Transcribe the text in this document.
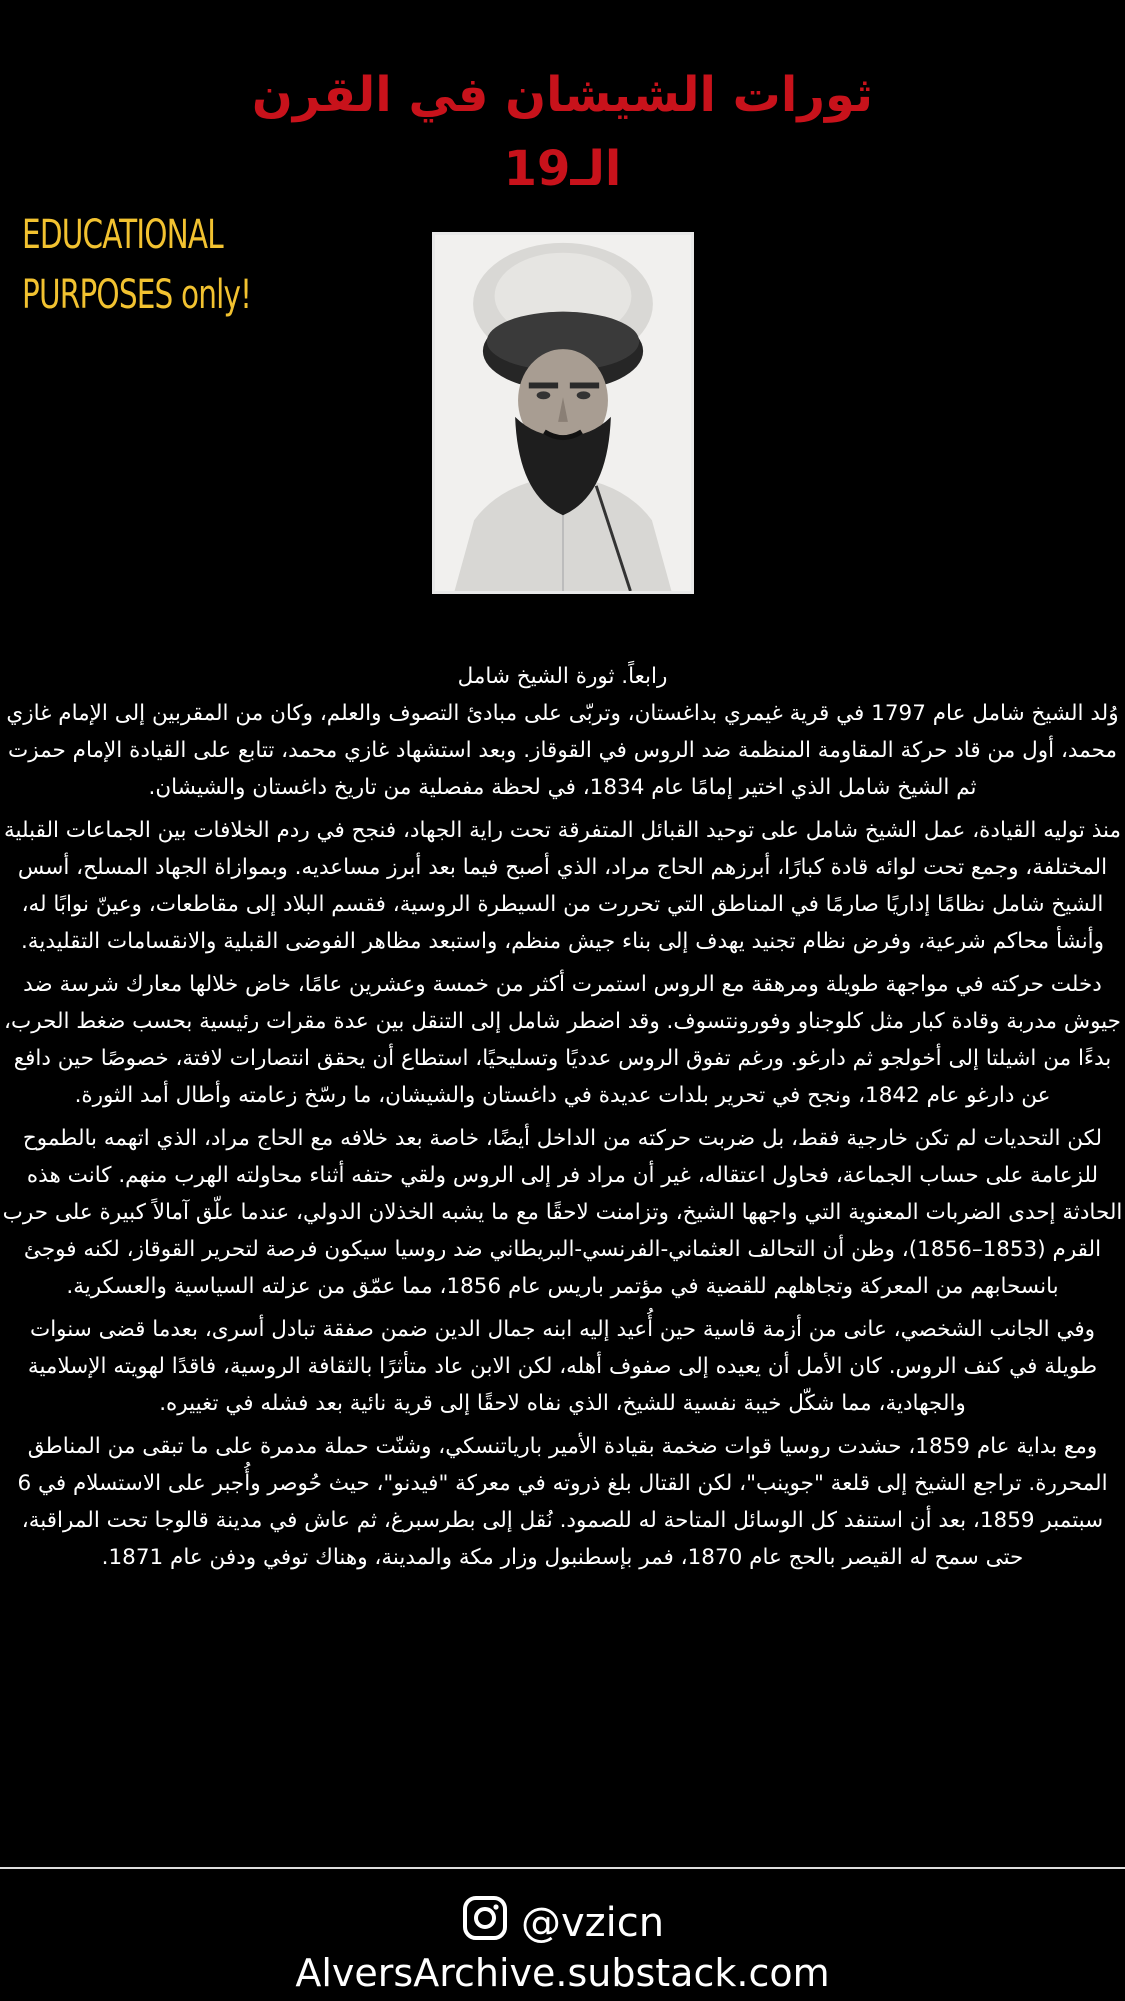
ثورات الشيشان في القرن
الـ19
EDUCATIONAL
PURPOSES only!

رابعاً. ثورة الشيخ شامل

وُلد الشيخ شامل عام 1797 في قرية غيمري بداغستان، وتربّى على مبادئ التصوف والعلم، وكان من المقربين إلى الإمام غازي محمد، أول من قاد حركة المقاومة المنظمة ضد الروس في القوقاز. وبعد استشهاد غازي محمد، تتابع على القيادة الإمام حمزت ثم الشيخ شامل الذي اختير إمامًا عام 1834، في لحظة مفصلية من تاريخ داغستان والشيشان.

منذ توليه القيادة، عمل الشيخ شامل على توحيد القبائل المتفرقة تحت راية الجهاد، فنجح في ردم الخلافات بين الجماعات القبلية المختلفة، وجمع تحت لوائه قادة كبارًا، أبرزهم الحاج مراد، الذي أصبح فيما بعد أبرز مساعديه. وبموازاة الجهاد المسلح، أسس الشيخ شامل نظامًا إداريًا صارمًا في المناطق التي تحررت من السيطرة الروسية، فقسم البلاد إلى مقاطعات، وعينّ نوابًا له، وأنشأ محاكم شرعية، وفرض نظام تجنيد يهدف إلى بناء جيش منظم، واستبعد مظاهر الفوضى القبلية والانقسامات التقليدية.

دخلت حركته في مواجهة طويلة ومرهقة مع الروس استمرت أكثر من خمسة وعشرين عامًا، خاض خلالها معارك شرسة ضد جيوش مدربة وقادة كبار مثل كلوجناو وفورونتسوف. وقد اضطر شامل إلى التنقل بين عدة مقرات رئيسية بحسب ضغط الحرب، بدءًا من اشيلتا إلى أخولجو ثم دارغو. ورغم تفوق الروس عدديًا وتسليحيًا، استطاع أن يحقق انتصارات لافتة، خصوصًا حين دافع عن دارغو عام 1842، ونجح في تحرير بلدات عديدة في داغستان والشيشان، ما رسّخ زعامته وأطال أمد الثورة.

لكن التحديات لم تكن خارجية فقط، بل ضربت حركته من الداخل أيضًا، خاصة بعد خلافه مع الحاج مراد، الذي اتهمه بالطموح للزعامة على حساب الجماعة، فحاول اعتقاله، غير أن مراد فر إلى الروس ولقي حتفه أثناء محاولته الهرب منهم. كانت هذه الحادثة إحدى الضربات المعنوية التي واجهها الشيخ، وتزامنت لاحقًا مع ما يشبه الخذلان الدولي، عندما علّق آمالاً كبيرة على حرب القرم (1853–1856)، وظن أن التحالف العثماني-الفرنسي-البريطاني ضد روسيا سيكون فرصة لتحرير القوقاز، لكنه فوجئ بانسحابهم من المعركة وتجاهلهم للقضية في مؤتمر باريس عام 1856، مما عمّق من عزلته السياسية والعسكرية.

وفي الجانب الشخصي، عانى من أزمة قاسية حين أُعيد إليه ابنه جمال الدين ضمن صفقة تبادل أسرى، بعدما قضى سنوات طويلة في كنف الروس. كان الأمل أن يعيده إلى صفوف أهله، لكن الابن عاد متأثرًا بالثقافة الروسية، فاقدًا لهويته الإسلامية والجهادية، مما شكّل خيبة نفسية للشيخ، الذي نفاه لاحقًا إلى قرية نائية بعد فشله في تغييره.

ومع بداية عام 1859، حشدت روسيا قوات ضخمة بقيادة الأمير بارياتنسكي، وشنّت حملة مدمرة على ما تبقى من المناطق المحررة. تراجع الشيخ إلى قلعة "جوينب"، لكن القتال بلغ ذروته في معركة "فيدنو"، حيث حُوصر وأُجبر على الاستسلام في 6 سبتمبر 1859، بعد أن استنفد كل الوسائل المتاحة له للصمود. نُقل إلى بطرسبرغ، ثم عاش في مدينة قالوجا تحت المراقبة، حتى سمح له القيصر بالحج عام 1870، فمر بإسطنبول وزار مكة والمدينة، وهناك توفي ودفن عام 1871.

@vzicn
AlversArchive.substack.com
